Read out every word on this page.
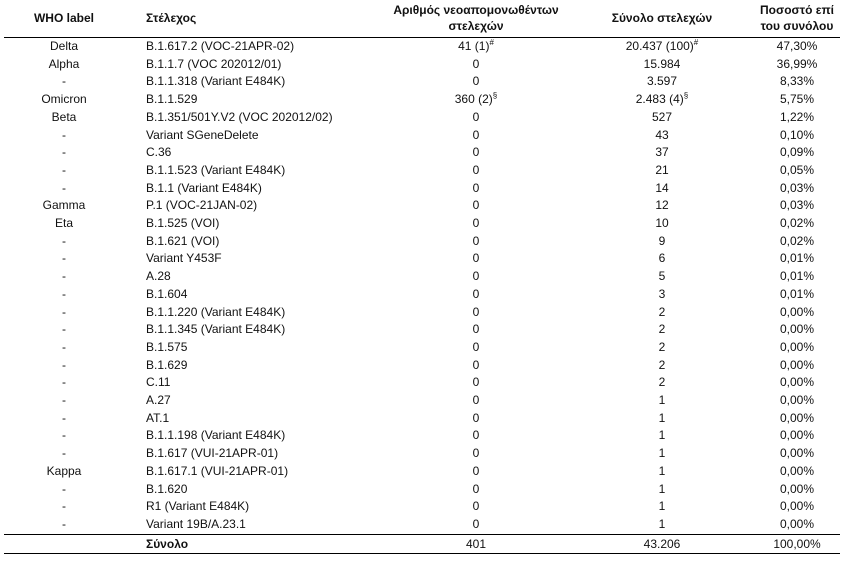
WHO label	Στέλεχος	Αριθμός νεοαπομονωθέντων στελεχών	Σύνολο στελεχών	Ποσοστό επί του συνόλου
Delta	B.1.617.2 (VOC-21APR-02)	41 (1)#	20.437 (100)#	47,30%
Alpha	B.1.1.7 (VOC 202012/01)	0	15.984	36,99%
-	B.1.1.318 (Variant E484K)	0	3.597	8,33%
Omicron	B.1.1.529	360 (2)§	2.483 (4)§	5,75%
Beta	B.1.351/501Y.V2 (VOC 202012/02)	0	527	1,22%
-	Variant SGeneDelete	0	43	0,10%
-	C.36	0	37	0,09%
-	B.1.1.523 (Variant E484K)	0	21	0,05%
-	B.1.1 (Variant E484K)	0	14	0,03%
Gamma	P.1 (VOC-21JAN-02)	0	12	0,03%
Eta	B.1.525 (VOI)	0	10	0,02%
-	B.1.621 (VOI)	0	9	0,02%
-	Variant Y453F	0	6	0,01%
-	A.28	0	5	0,01%
-	B.1.604	0	3	0,01%
-	B.1.1.220 (Variant E484K)	0	2	0,00%
-	B.1.1.345 (Variant E484K)	0	2	0,00%
-	B.1.575	0	2	0,00%
-	B.1.629	0	2	0,00%
-	C.11	0	2	0,00%
-	A.27	0	1	0,00%
-	AT.1	0	1	0,00%
-	B.1.1.198 (Variant E484K)	0	1	0,00%
-	B.1.617 (VUI-21APR-01)	0	1	0,00%
Kappa	B.1.617.1 (VUI-21APR-01)	0	1	0,00%
-	B.1.620	0	1	0,00%
-	R1 (Variant E484K)	0	1	0,00%
-	Variant 19B/A.23.1	0	1	0,00%
	Σύνολο	401	43.206	100,00%
